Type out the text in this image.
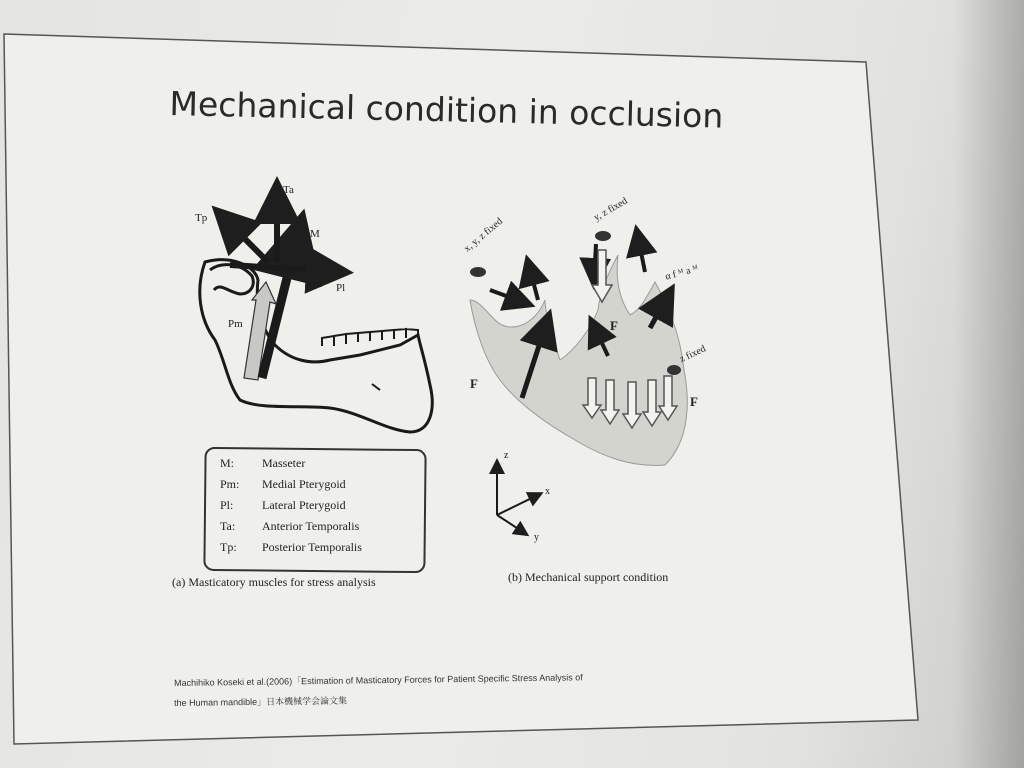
Mechanical condition in occlusion
Ta
Tp
M
Pl
Pm
M: Masseter
Pm: Medial Pterygoid
Pl: Lateral Pterygoid
Ta: Anterior Temporalis
Tp: Posterior Temporalis
(a) Masticatory muscles for stress analysis
x, y, z fixed
y, z fixed
z fixed
F
F
F
α f ᴹ a ᴹ
x
y
z
(b) Mechanical support condition
Machihiko Koseki et al.(2006)「Estimation of Masticatory Forces for Patient Specific Stress Analysis of
the Human mandible」日本機械学会論文集
